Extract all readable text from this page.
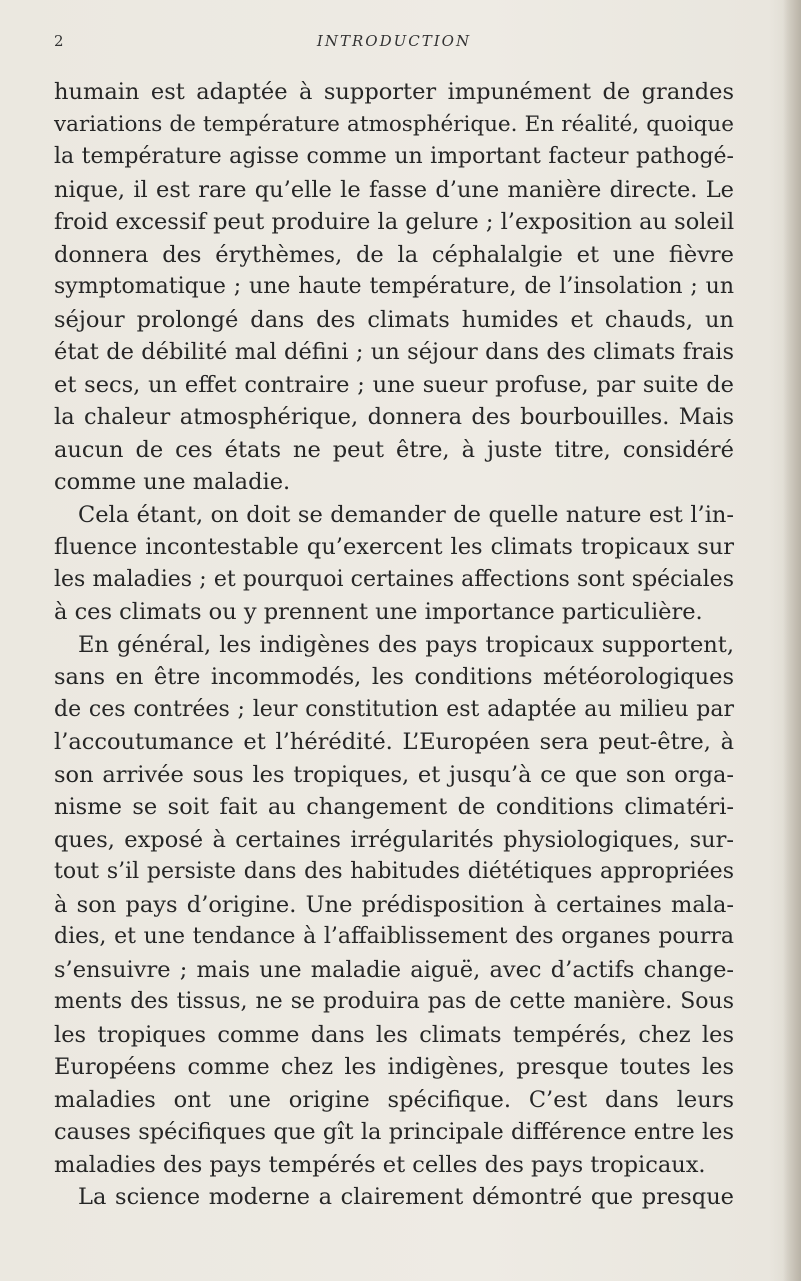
2	INTRODUCTION
humain est adaptée à supporter impunément de grandes
variations de température atmosphérique. En réalité, quoique
la température agisse comme un important facteur pathogé-
nique, il est rare qu’elle le fasse d’une manière directe. Le
froid excessif peut produire la gelure ; l’exposition au soleil
donnera des érythèmes, de la céphalalgie et une fièvre
symptomatique ; une haute température, de l’insolation ; un
séjour prolongé dans des climats humides et chauds, un
état de débilité mal défini ; un séjour dans des climats frais
et secs, un effet contraire ; une sueur profuse, par suite de
la chaleur atmosphérique, donnera des bourbouilles. Mais
aucun de ces états ne peut être, à juste titre, considéré
comme une maladie.
Cela étant, on doit se demander de quelle nature est l’in-
fluence incontestable qu’exercent les climats tropicaux sur
les maladies ; et pourquoi certaines affections sont spéciales
à ces climats ou y prennent une importance particulière.
En général, les indigènes des pays tropicaux supportent,
sans en être incommodés, les conditions météorologiques
de ces contrées ; leur constitution est adaptée au milieu par
l’accoutumance et l’hérédité. L’Européen sera peut-être, à
son arrivée sous les tropiques, et jusqu’à ce que son orga-
nisme se soit fait au changement de conditions climatéri-
ques, exposé à certaines irrégularités physiologiques, sur-
tout s’il persiste dans des habitudes diététiques appropriées
à son pays d’origine. Une prédisposition à certaines mala-
dies, et une tendance à l’affaiblissement des organes pourra
s’ensuivre ; mais une maladie aiguë, avec d’actifs change-
ments des tissus, ne se produira pas de cette manière. Sous
les tropiques comme dans les climats tempérés, chez les
Européens comme chez les indigènes, presque toutes les
maladies ont une origine spécifique. C’est dans leurs
causes spécifiques que gît la principale différence entre les
maladies des pays tempérés et celles des pays tropicaux.
La science moderne a clairement démontré que presque
